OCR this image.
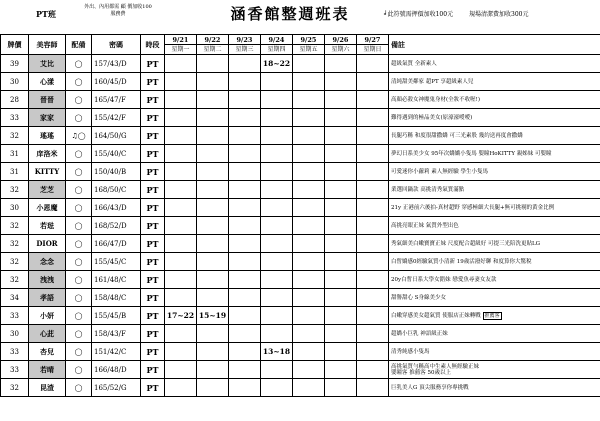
PT班
外出、內用都需 顧 價加收100服務費	涵香館整週班表	╛此符號需押價加收100元	規場清潔費加收300元
牌價	美容師	配備	密碼	時段	9/21	9/22	9/23	9/24	9/25	9/26	9/27	備註
					星期一	星期二	星期三	星期四	星期五	星期六	星期日	
39	艾比	◯	157/43/D	PT				18~22				超級氣質 全新素人
30	心漾	◯	160/45/D	PT								清純甜美鄰家 超PT 享超級素人兒
28	晉晉	◯	165/47/F	PT								高顏必殺女神魔鬼身材(全妝不收喔!)
33	家家	◯	155/42/F	PT								難得遇到的極品美女(原濠濠嗳嗳)
32	瑤瑤	♫◯	164/50/G	PT								長腿巧稱 和度很甜撒嬌 可三光素股 幾約送再度會撒嬌
31	庠洛米	◯	155/40/C	PT								夢幻日系美少女 95年次嬌嬌小隻馬 嬰瞳HoKITTY 親姊妹 可嬰瞳
31	KITTY	◯	150/40/B	PT								可愛迷你小蘿莉 素人無經驗 學生小隻馬
32	芝芝	◯	168/50/C	PT								業選回鍋款 高挑清秀氣質滿點
30	小恩魔	◯	166/43/D	PT								21y 正港前六後拍-真材超野 穿感極細大長腿+無可挑剔的黃金比例
32	若琺	◯	168/52/D	PT								高挑亮眼正妹 氣質外型出色
32	DIOR	◯	166/47/D	PT								秀氣細美白嫩寶寶正妹 尺度配合超級好 可提三光陪洗更貼LG
32	念念	◯	155/45/C	PT								白皙嬌感0經驗氣質小清新 19歲活潑好聊 和度算你大驚稅
32	洩洩	◯	161/48/C	PT								20y白皙日系大學女錯妹 戀愛魚尋妻女友款
34	孝語	◯	158/48/C	PT								甜譽甜心 S身線美少女
33	小妍	◯	155/45/B	PT	17~22	15~19						白嫩穿感美女超氣質 使服店正妹轉戰 推薦客
30	心茈	◯	158/43/F	PT								超嬌小巨乳 神語級正妹
33	杏兒	◯	151/42/C	PT				13~18				清秀純感小隻馬
33	若晴	◯	166/48/D	PT								高挑氣質勻稱高中生素人無經驗正妹
嬰瞳客 推薦客 50歲以上
32	昆渣	◯	165/52/G	PT								巨乳美人G 頂尖服務享你專挑戰
